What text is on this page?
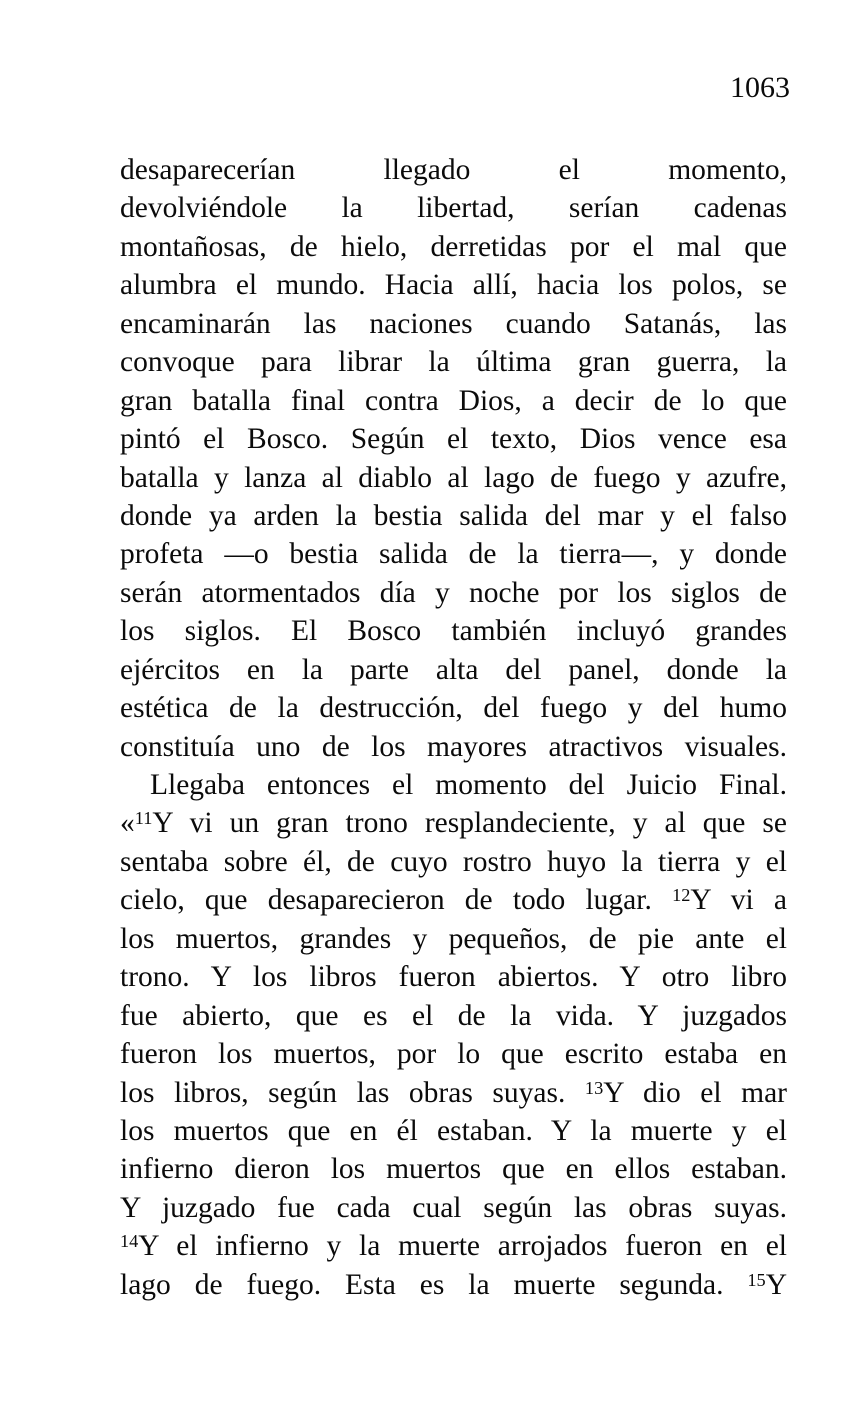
1063
desaparecerían llegado el momento,
devolviéndole la libertad, serían cadenas
montañosas, de hielo, derretidas por el mal que
alumbra el mundo. Hacia allí, hacia los polos, se
encaminarán las naciones cuando Satanás, las
convoque para librar la última gran guerra, la
gran batalla final contra Dios, a decir de lo que
pintó el Bosco. Según el texto, Dios vence esa
batalla y lanza al diablo al lago de fuego y azufre,
donde ya arden la bestia salida del mar y el falso
profeta —o bestia salida de la tierra—, y donde
serán atormentados día y noche por los siglos de
los siglos. El Bosco también incluyó grandes
ejércitos en la parte alta del panel, donde la
estética de la destrucción, del fuego y del humo
constituía uno de los mayores atractivos visuales.
Llegaba entonces el momento del Juicio Final.
«$^{11}$Y vi un gran trono resplandeciente, y al que se
sentaba sobre él, de cuyo rostro huyo la tierra y el
cielo, que desaparecieron de todo lugar. $^{12}$Y vi a
los muertos, grandes y pequeños, de pie ante el
trono. Y los libros fueron abiertos. Y otro libro
fue abierto, que es el de la vida. Y juzgados
fueron los muertos, por lo que escrito estaba en
los libros, según las obras suyas. $^{13}$Y dio el mar
los muertos que en él estaban. Y la muerte y el
infierno dieron los muertos que en ellos estaban.
Y juzgado fue cada cual según las obras suyas.
$^{14}$Y el infierno y la muerte arrojados fueron en el
lago de fuego. Esta es la muerte segunda. $^{15}$Y
